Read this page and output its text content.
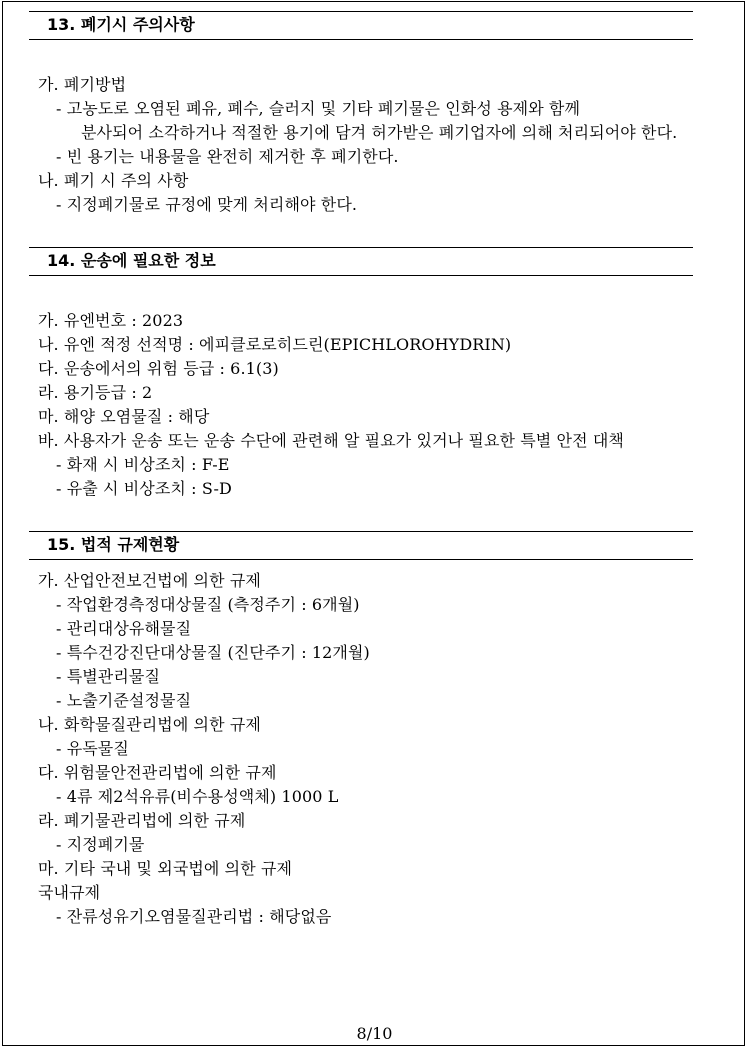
13. 폐기시 주의사항
가. 폐기방법
- 고농도로 오염된 폐유, 폐수, 슬러지 및 기타 폐기물은 인화성 용제와 함께
분사되어 소각하거나 적절한 용기에 담겨 허가받은 폐기업자에 의해 처리되어야 한다.
- 빈 용기는 내용물을 완전히 제거한 후 폐기한다.
나. 폐기 시 주의 사항
- 지정폐기물로 규정에 맞게 처리해야 한다.
14. 운송에 필요한 정보
가. 유엔번호 : 2023
나. 유엔 적정 선적명 : 에피클로로히드린(EPICHLOROHYDRIN)
다. 운송에서의 위험 등급 : 6.1(3)
라. 용기등급 : 2
마. 해양 오염물질 : 해당
바. 사용자가 운송 또는 운송 수단에 관련해 알 필요가 있거나 필요한 특별 안전 대책
- 화재 시 비상조치 : F-E
- 유출 시 비상조치 : S-D
15. 법적 규제현황
가. 산업안전보건법에 의한 규제
- 작업환경측정대상물질 (측정주기 : 6개월)
- 관리대상유해물질
- 특수건강진단대상물질 (진단주기 : 12개월)
- 특별관리물질
- 노출기준설정물질
나. 화학물질관리법에 의한 규제
- 유독물질
다. 위험물안전관리법에 의한 규제
- 4류 제2석유류(비수용성액체) 1000 L
라. 폐기물관리법에 의한 규제
- 지정폐기물
마. 기타 국내 및 외국법에 의한 규제
국내규제
- 잔류성유기오염물질관리법 : 해당없음
8/10
